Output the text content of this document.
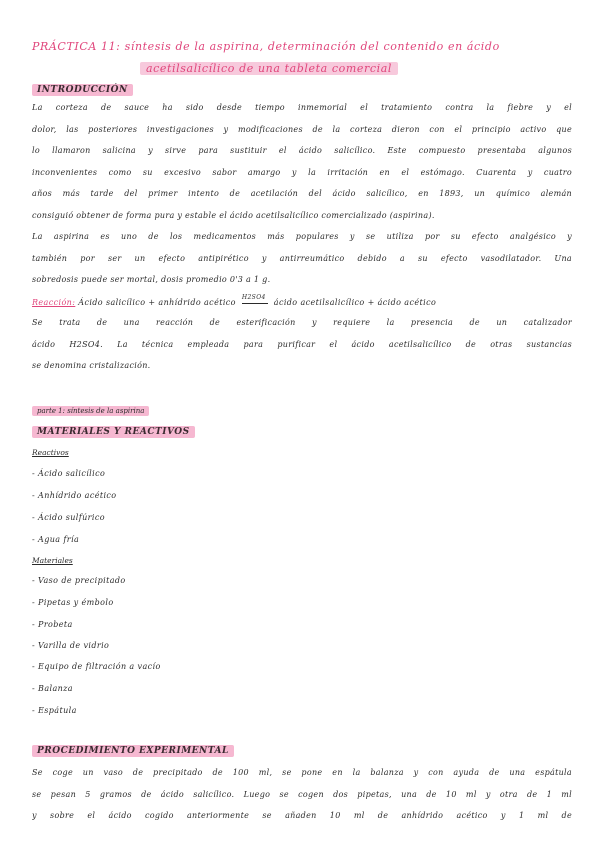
PRÁCTICA 11: síntesis de la aspirina, determinación del contenido en ácido
acetilsalicílico de una tableta comercial
INTRODUCCIÓN
La corteza de sauce ha sido desde tiempo inmemorial el tratamiento contra la fiebre y el
dolor, las posteriores investigaciones y modificaciones de la corteza dieron con el principio activo que
lo llamaron salicina y sirve para sustituir el ácido salicílico. Este compuesto presentaba algunos
inconvenientes como su excesivo sabor amargo y la irritación en el estómago. Cuarenta y cuatro
años más tarde del primer intento de acetilación del ácido salicílico, en 1893, un químico alemán
consiguió obtener de forma pura y estable el ácido acetilsalicílico comercializado (aspirina).
La aspirina es uno de los medicamentos más populares y se utiliza por su efecto analgésico y
también por ser un efecto antipirético y antirreumático debido a su efecto vasodilatador. Una
sobredosis puede ser mortal, dosis promedio 0'3 a 1 g.
Reacción: Ácido salicílico + anhídrido acético
H2SO4
ácido acetilsalicílico + ácido acético
Se trata de una reacción de esterificación y requiere la presencia de un catalizador
ácido H2SO4. La técnica empleada para purificar el ácido acetilsalicílico de otras sustancias
se denomina cristalización.
parte 1: síntesis de la aspirina
MATERIALES Y REACTIVOS
Reactivos
- Ácido salicílico
- Anhídrido acético
- Ácido sulfúrico
- Agua fría
Materiales
- Vaso de precipitado
- Pipetas y émbolo
- Probeta
- Varilla de vidrio
- Equipo de filtración a vacío
- Balanza
- Espátula
PROCEDIMIENTO EXPERIMENTAL
Se coge un vaso de precipitado de 100 ml, se pone en la balanza y con ayuda de una espátula
se pesan 5 gramos de ácido salicílico. Luego se cogen dos pipetas, una de 10 ml y otra de 1 ml
y sobre el ácido cogido anteriormente se añaden 10 ml de anhídrido acético y 1 ml de
